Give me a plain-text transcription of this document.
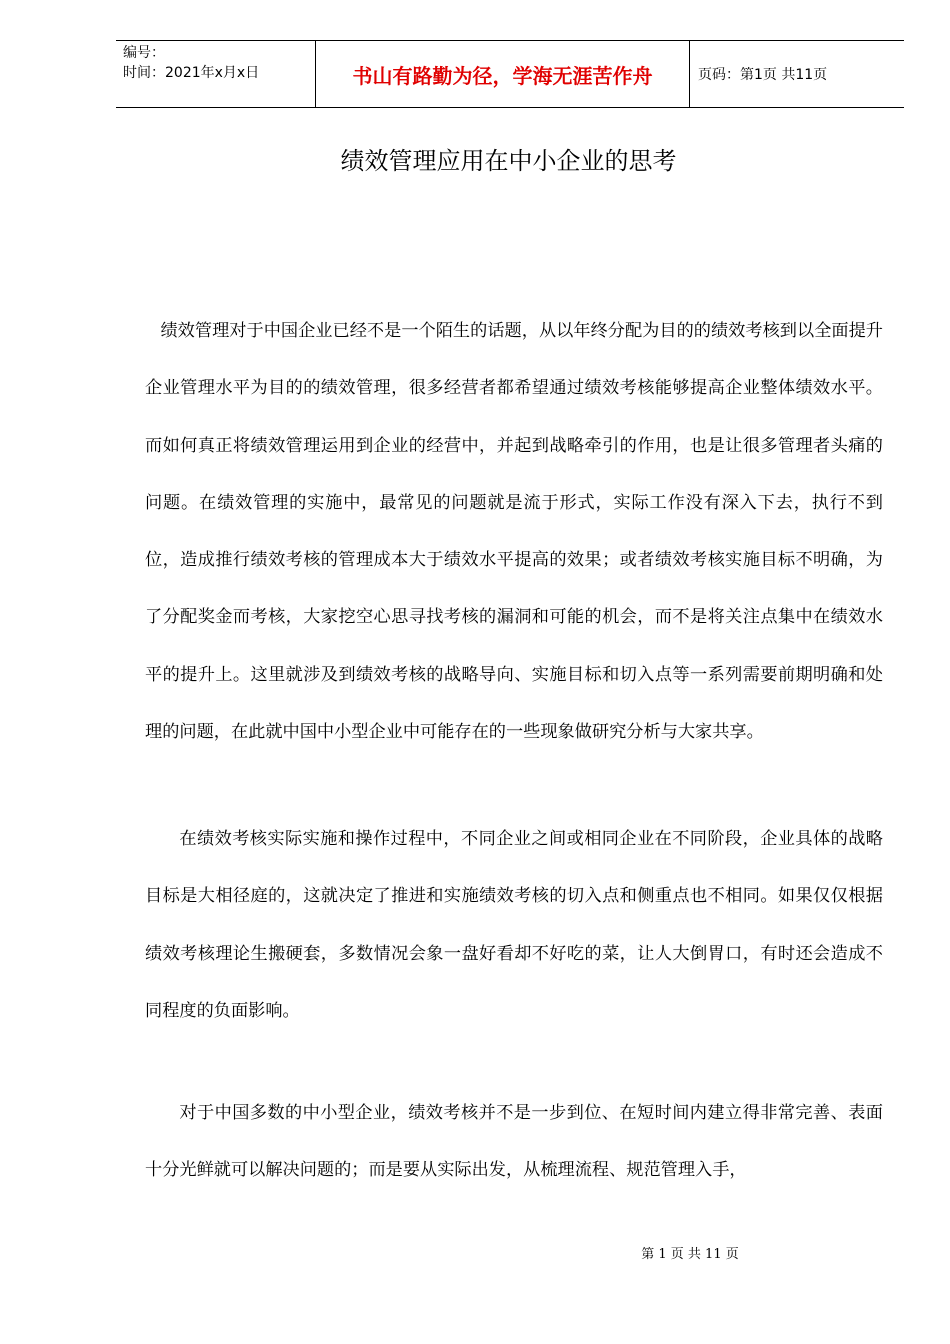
编号：
时间：2021年x月x日	书山有路勤为径，学海无涯苦作舟	页码：第1页 共11页
绩效管理应用在中小企业的思考

绩效管理对于中国企业已经不是一个陌生的话题，从以年终分配为目的的绩效考核到以全面提升企业管理水平为目的的绩效管理，很多经营者都希望通过绩效考核能够提高企业整体绩效水平。而如何真正将绩效管理运用到企业的经营中，并起到战略牵引的作用，也是让很多管理者头痛的问题。在绩效管理的实施中，最常见的问题就是流于形式，实际工作没有深入下去，执行不到位，造成推行绩效考核的管理成本大于绩效水平提高的效果；或者绩效考核实施目标不明确，为了分配奖金而考核，大家挖空心思寻找考核的漏洞和可能的机会，而不是将关注点集中在绩效水平的提升上。这里就涉及到绩效考核的战略导向、实施目标和切入点等一系列需要前期明确和处理的问题，在此就中国中小型企业中可能存在的一些现象做研究分析与大家共享。

在绩效考核实际实施和操作过程中，不同企业之间或相同企业在不同阶段，企业具体的战略目标是大相径庭的，这就决定了推进和实施绩效考核的切入点和侧重点也不相同。如果仅仅根据绩效考核理论生搬硬套，多数情况会象一盘好看却不好吃的菜，让人大倒胃口，有时还会造成不同程度的负面影响。

对于中国多数的中小型企业，绩效考核并不是一步到位、在短时间内建立得非常完善、表面十分光鲜就可以解决问题的；而是要从实际出发，从梳理流程、规范管理入手，

第 1 页 共 11 页
